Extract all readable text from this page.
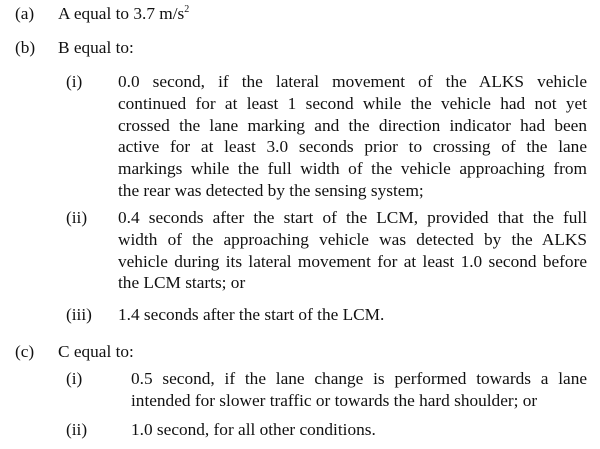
(a) A equal to 3.7 $m/s^2$
(b) B equal to:
(i) 0.0 second, if the lateral movement of the ALKS vehicle
continued for at least 1 second while the vehicle had not yet
crossed the lane marking and the direction indicator had been
active for at least 3.0 seconds prior to crossing of the lane
markings while the full width of the vehicle approaching from
the rear was detected by the sensing system;
(ii) 0.4 seconds after the start of the LCM, provided that the full
width of the approaching vehicle was detected by the ALKS
vehicle during its lateral movement for at least 1.0 second before
the LCM starts; or
(iii) 1.4 seconds after the start of the LCM.
(c) C equal to:
(i)	0.5 second, if the lane change is performed towards a lane
intended for slower traffic or towards the hard shoulder; or
(ii)	1.0 second, for all other conditions.
